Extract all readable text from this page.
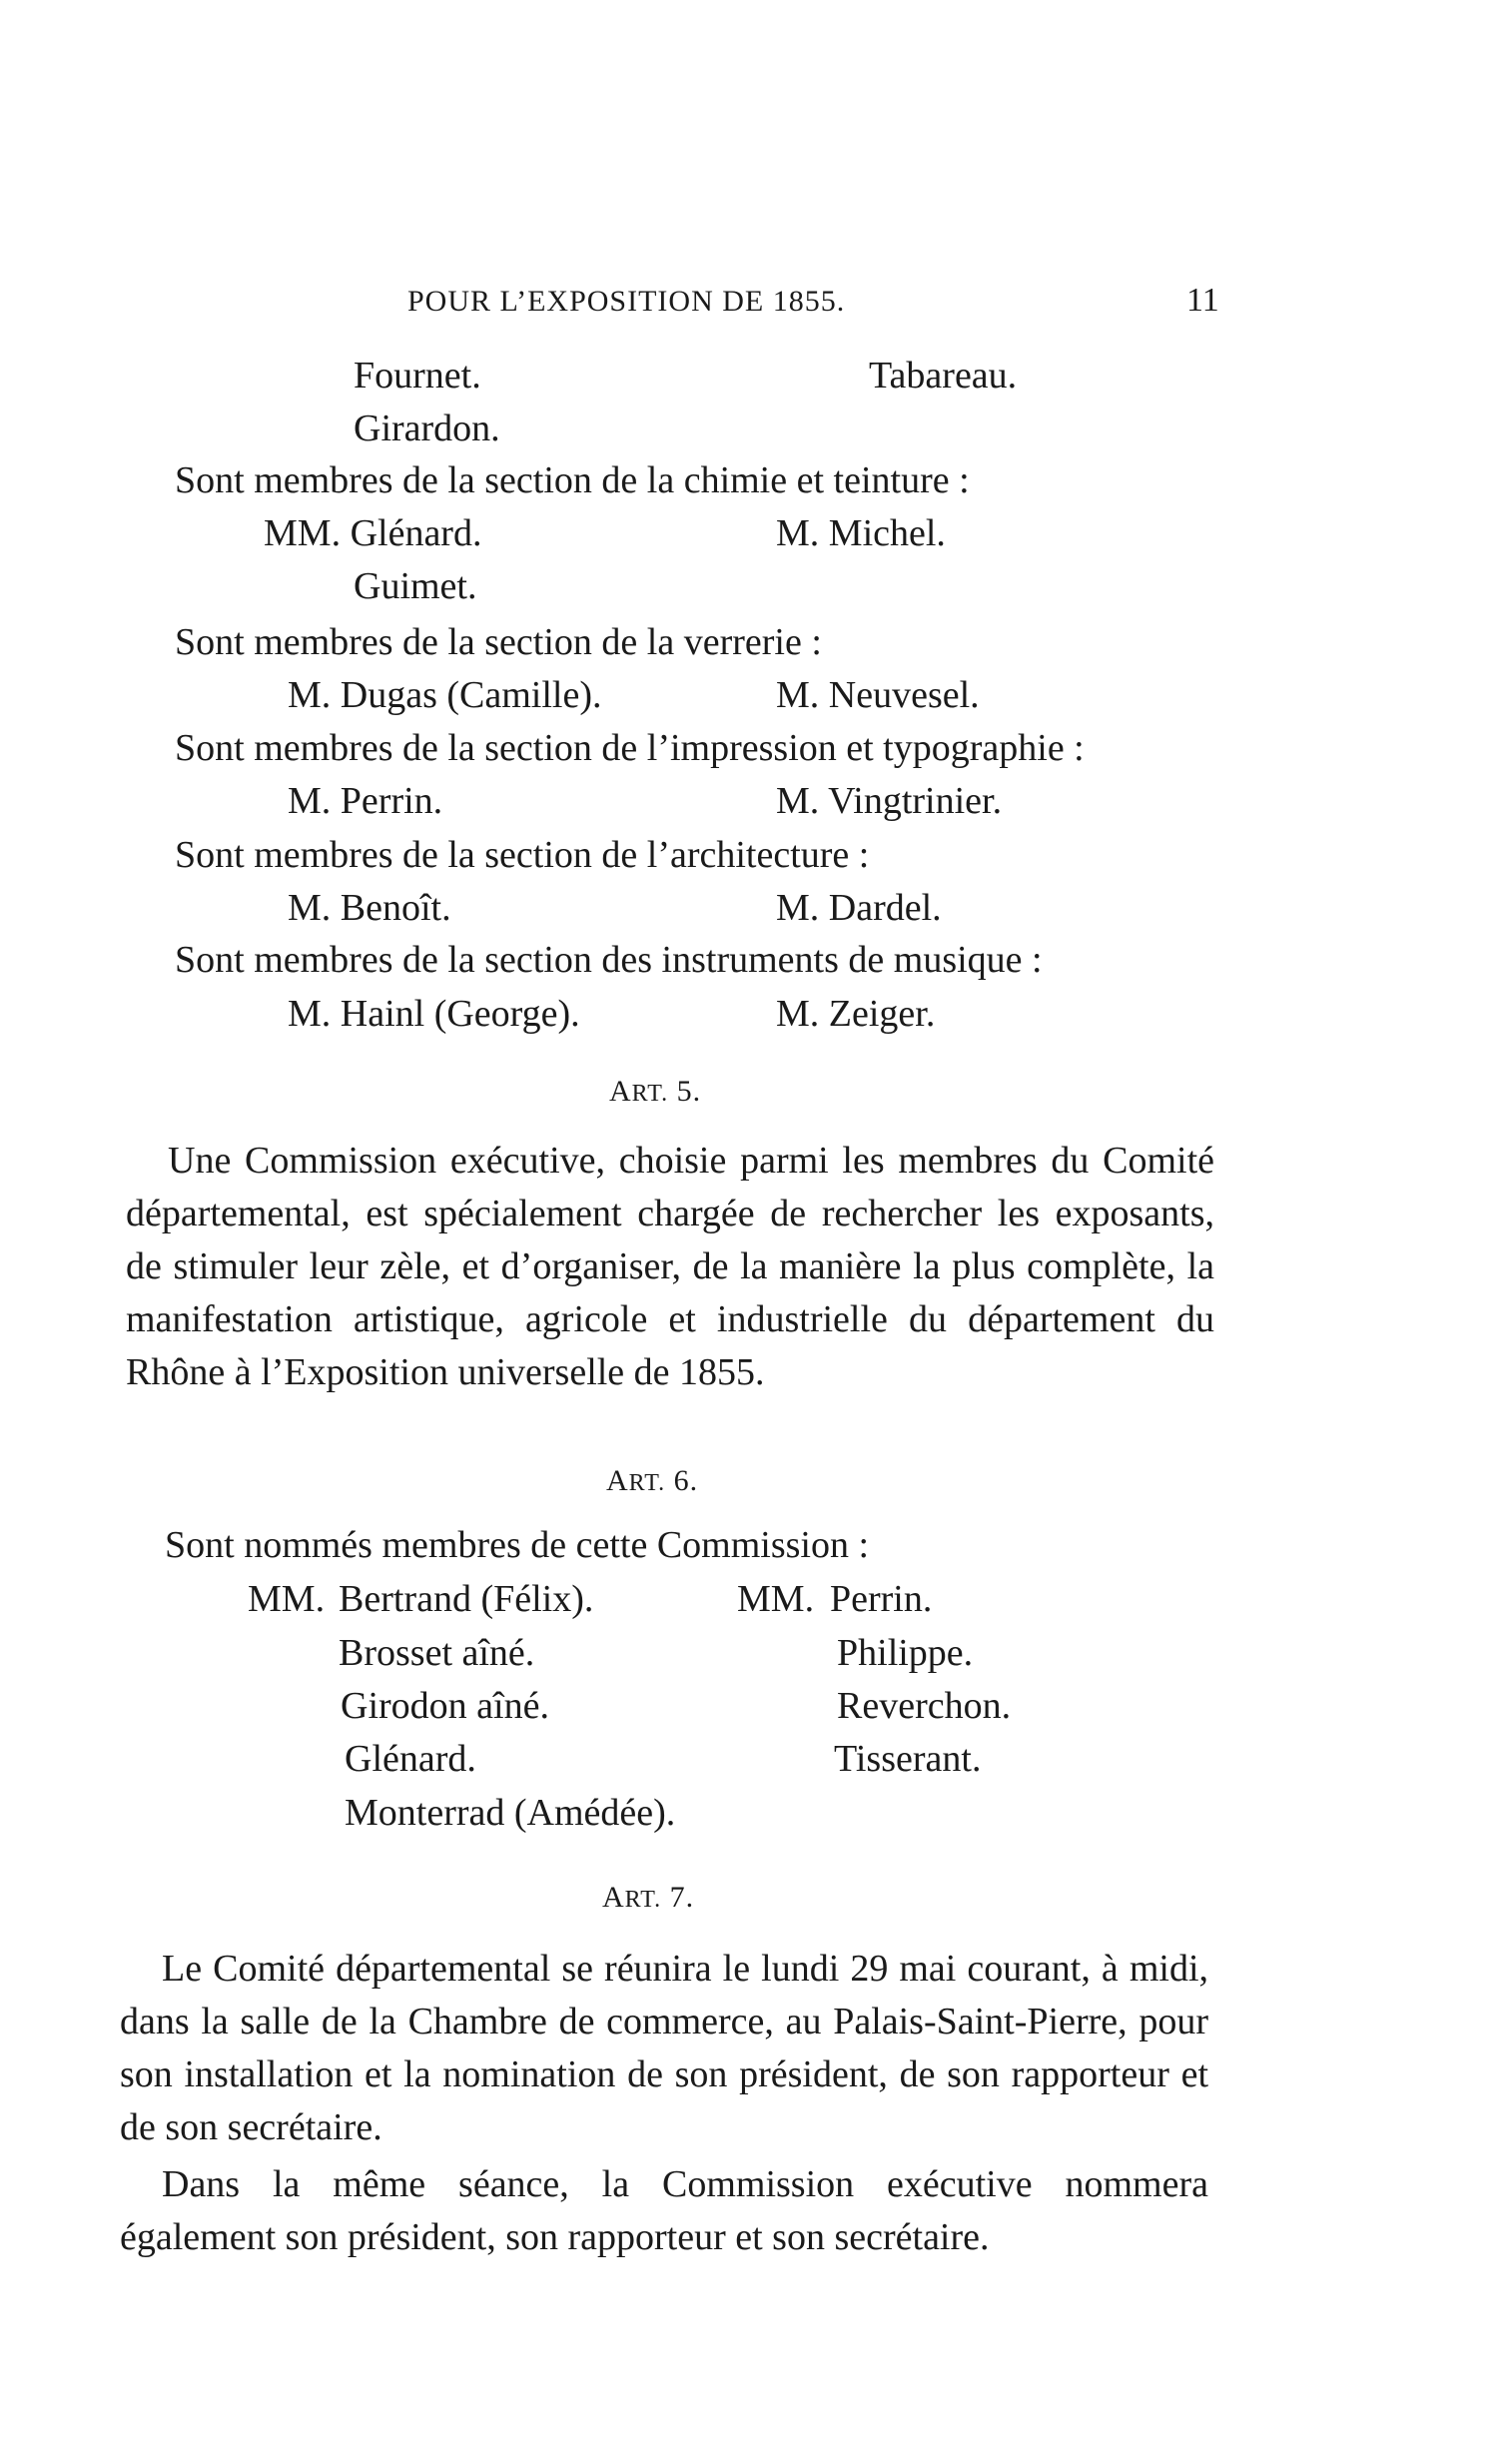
POUR L’EXPOSITION DE 1855.	11
Fournet.	Tabareau.
Girardon.
Sont membres de la section de la chimie et teinture :
MM. Glénard.	M. Michel.
Guimet.
Sont membres de la section de la verrerie :
M. Dugas (Camille).	M. Neuvesel.
Sont membres de la section de l’impression et typographie :
M. Perrin.	M. Vingtrinier.
Sont membres de la section de l’architecture :
M. Benoît.	M. Dardel.
Sont membres de la section des instruments de musique :
M. Hainl (George).	M. Zeiger.
ART. 5.
Une Commission exécutive, choisie parmi les membres du Comité départemental, est spécialement chargée de rechercher les exposants, de stimuler leur zèle, et d’organiser, de la manière la plus complète, la manifestation artistique, agricole et industrielle du département du Rhône à l’Exposition universelle de 1855.
ART. 6.
Sont nommés membres de cette Commission :
MM. Bertrand (Félix).	MM. Perrin.
Brosset aîné.	Philippe.
Girodon aîné.	Reverchon.
Glénard.	Tisserant.
Monterrad (Amédée).
ART. 7.
Le Comité départemental se réunira le lundi 29 mai courant, à midi, dans la salle de la Chambre de commerce, au Palais-Saint-Pierre, pour son installation et la nomination de son président, de son rapporteur et de son secrétaire.
Dans la même séance, la Commission exécutive nommera également son président, son rapporteur et son secrétaire.
